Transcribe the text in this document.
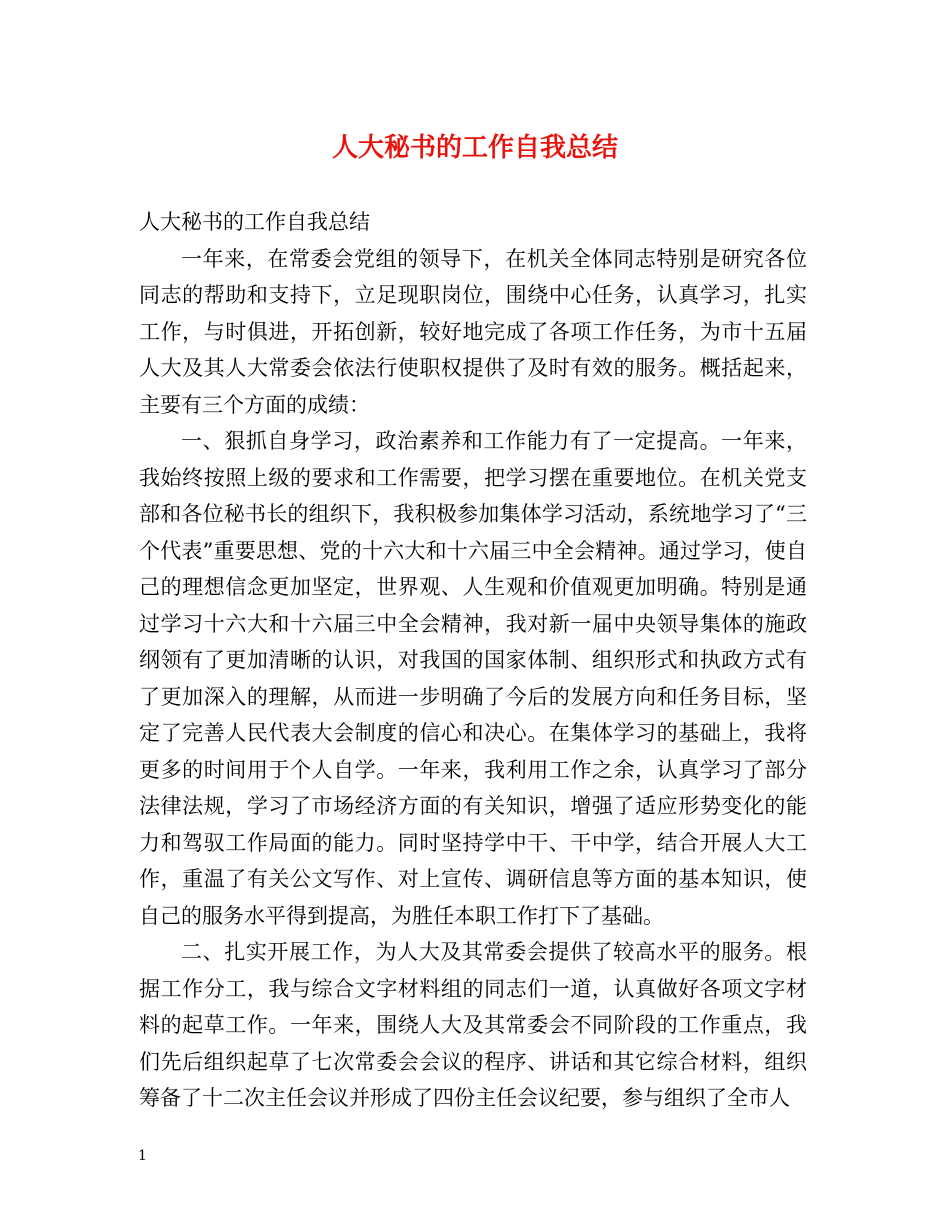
人大秘书的工作自我总结

人大秘书的工作自我总结

一年来，在常委会党组的领导下，在机关全体同志特别是研究各位同志的帮助和支持下，立足现职岗位，围绕中心任务，认真学习，扎实工作，与时俱进，开拓创新，较好地完成了各项工作任务，为市十五届人大及其人大常委会依法行使职权提供了及时有效的服务。概括起来，主要有三个方面的成绩：

一、狠抓自身学习，政治素养和工作能力有了一定提高。一年来，我始终按照上级的要求和工作需要，把学习摆在重要地位。在机关党支部和各位秘书长的组织下，我积极参加集体学习活动，系统地学习了“三个代表”重要思想、党的十六大和十六届三中全会精神。通过学习，使自己的理想信念更加坚定，世界观、人生观和价值观更加明确。特别是通过学习十六大和十六届三中全会精神，我对新一届中央领导集体的施政纲领有了更加清晰的认识，对我国的国家体制、组织形式和执政方式有了更加深入的理解，从而进一步明确了今后的发展方向和任务目标，坚定了完善人民代表大会制度的信心和决心。在集体学习的基础上，我将更多的时间用于个人自学。一年来，我利用工作之余，认真学习了部分法律法规，学习了市场经济方面的有关知识，增强了适应形势变化的能力和驾驭工作局面的能力。同时坚持学中干、干中学，结合开展人大工作，重温了有关公文写作、对上宣传、调研信息等方面的基本知识，使自己的服务水平得到提高，为胜任本职工作打下了基础。

二、扎实开展工作，为人大及其常委会提供了较高水平的服务。根据工作分工，我与综合文字材料组的同志们一道，认真做好各项文字材料的起草工作。一年来，围绕人大及其常委会不同阶段的工作重点，我们先后组织起草了七次常委会会议的程序、讲话和其它综合材料，组织筹备了十二次主任会议并形成了四份主任会议纪要，参与组织了全市人

1
